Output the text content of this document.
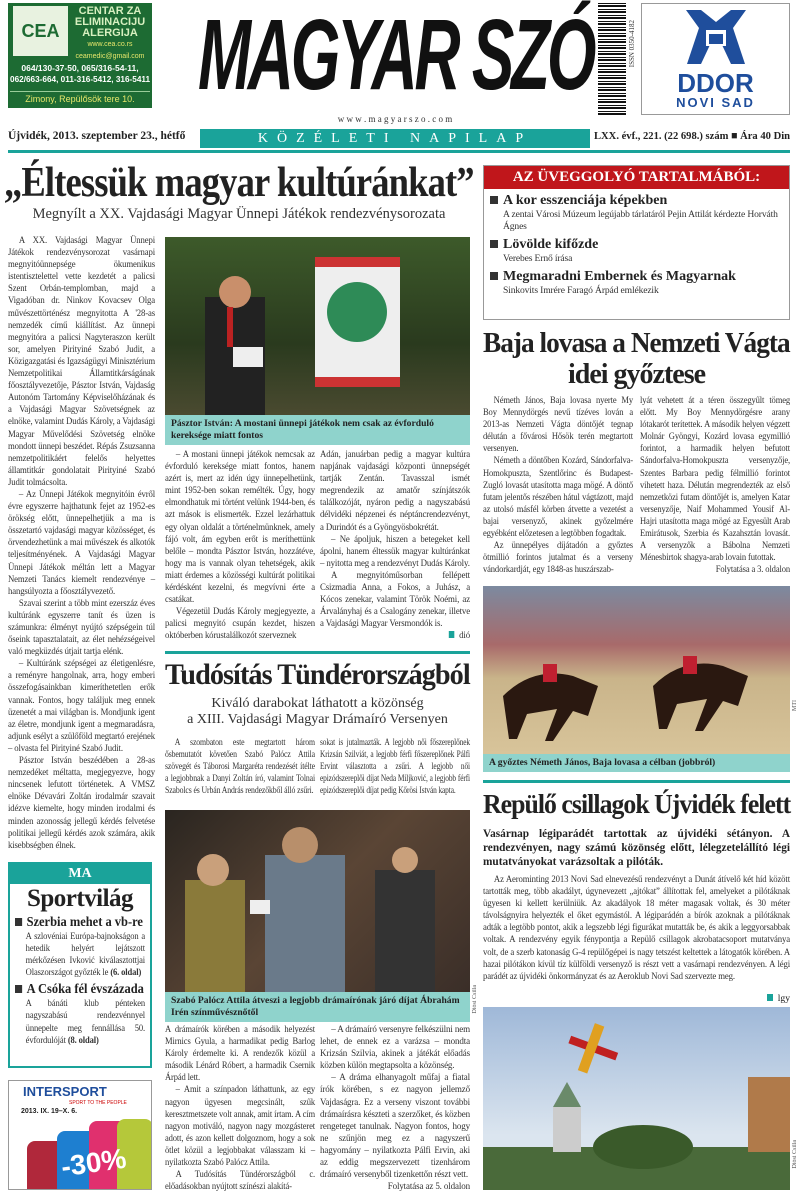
CEA
CENTAR ZA
ELIMINACIJU
ALERGIJA
www.cea.co.rs
ceamedic@gmail.com
064/130-37-50, 065/316-54-11,
062/663-664, 011-316-5412, 316-5411
Zimony, Repülősök tere 10. MAGYAR SZÓ
w w w . m a g y a r s z o . c o m
ISSN 0350-4182
DDOR
NOVI SAD
Újvidék, 2013. szeptember 23., hétfő	KÖZÉLETI NAPILAP	LXX. évf., 221. (22 698.) szám ■ Ára 40 Din
„Éltessük magyar kultúránkat”
Megnyílt a XX. Vajdasági Magyar Ünnepi Játékok rendezvénysorozata

A XX. Vajdasági Magyar Ünnepi Játékok rendezvénysorozat vasárnapi megnyitóünnepsége ökumenikus istentisztelettel vette kezdetét a palicsi Szent Orbán-templomban, majd a Vigadóban dr. Ninkov Kovacsev Olga művészettörténész megnyitotta A '28-as nemzedék című kiállítást. Az ünnepi megnyitóra a palicsi Nagyteraszon került sor, amelyen Pirityiné Szabó Judit, a Közigazgatási és Igazságügyi Minisztérium Nemzetpolitikai Államtitkárságának főosztályvezetője, Pásztor István, Vajdaság Autonóm Tartomány Képviselőházának és a Vajdasági Magyar Szövetségnek az elnöke, valamint Dudás Károly, a Vajdasági Magyar Művelődési Szövetség elnöke mondott ünnepi beszédet. Répás Zsuzsanna nemzetpolitikáért felelős helyettes államtitkár gondolatait Pirityiné Szabó Judit tolmácsolta.

– Az Ünnepi Játékok megnyitóin évről évre egyszerre hajthatunk fejet az 1952-es örökség előtt, ünnepelhetjük a ma is összetartó vajdasági magyar közösséget, és örvendezhetünk a mai művészek és alkotók teljesítményének. A Vajdasági Magyar Ünnepi Játékok méltán lett a Magyar Nemzeti Tanács kiemelt rendezvénye – hangsúlyozta a főosztályvezető.

Szavai szerint a több mint ezerszáz éves kultúránk egyszerre tanít és üzen is számunkra: élményt nyújtó szépségein túl őseink tapasztalatait, az élet nehézségeivel való megküzdés útjait tartja elénk.

– Kultúránk szépségei az életigenlésre, a reményre hangolnak, arra, hogy emberi összefogásainkban kimeríthetetlen erők vannak. Fontos, hogy találjuk meg ennek üzenetét a mai világban is. Mondjunk igent az életre, mondjunk igent a megmaradásra, adjunk esélyt a szülőföld megtartó erejének – olvasta fel Pirityiné Szabó Judit.

Pásztor István beszédében a 28-as nemzedéket méltatta, megjegyezve, hogy nincsenek lefutott történetek. A VMSZ elnöke Dévavári Zoltán irodalmár szavait idézve kiemelte, hogy minden irodalmi és minden azonosság jellegű kérdés felvetése politikai jellegű kérdés azok számára, akik kisebbségben élnek.

Pásztor István: A mostani ünnepi játékok nem csak az évforduló kereksége miatt fontos

– A mostani ünnepi játékok nemcsak az évforduló kereksége miatt fontos, hanem azért is, mert az idén úgy ünnepelhetünk, mint 1952-ben sokan remélték. Úgy, hogy elmondhatuk mi történt velünk 1944-ben, és azt mások is elismerték. Ezzel lezárhattuk egy olyan oldalát a történelmünknek, amely fájó volt, ám egyben erőt is meríthettünk belőle – mondta Pásztor István, hozzátéve, hogy ma is vannak olyan tehetségek, akik miatt érdemes a közösségi kultúrát politikai kérdésként kezelni, és megvívni érte a csatákat.

Végezetül Dudás Károly megjegyezte, a palicsi megnyitó csupán kezdet, hiszen októberben kórustalálkozót szerveznek

Adán, januárban pedig a magyar kultúra napjának vajdasági központi ünnepségét tartják Zentán. Tavasszal ismét megrendezik az amatőr színjátszók találkozóját, nyáron pedig a nagyszabású délvidéki népzenei és néptáncrendezvényt, a Durindót és a Gyöngyösbokrétát.

– Ne ápoljuk, hiszen a betegeket kell ápolni, hanem éltessük magyar kultúránkat – nyitotta meg a rendezvényt Dudás Károly.

A megnyitóműsorban fellépett Csizmadia Anna, a Fokos, a Juhász, a Kócos zenekar, valamint Török Noémi, az Árvalányhaj és a Csalogány zenekar, illetve a Vajdasági Magyar Versmondók is.

dió
Tudósítás Tündérországból
Kiváló darabokat láthatott a közönség
a XIII. Vajdasági Magyar Drámaíró Versenyen

A szombaton este megtartott három ősbemutatót követően Szabó Palócz Attila szövegét és Táborosi Margaréta rendezését ítélte a legjobbnak a Danyi Zoltán író, valamint Tolnai Szabolcs és Urbán András rendezőkből álló zsűri.

sokat is jutalmazták. A legjobb női főszereplőnek Krizsán Szilviát, a legjobb férfi főszereplőnek Pálfi Ervint választotta a zsűri. A legjobb női epizódszereplői díjat Neda Miljković, a legjobb férfi epizódszereplői díjat pedig Kőrösi István kapta.

Diósi Csilla
Szabó Palócz Attila átveszi a legjobb drámaírónak járó díjat Ábrahám Irén színművésznőtől

A drámaírók körében a második helyezést Mirnics Gyula, a harmadikat pedig Barlog Károly érdemelte ki. A rendezők közül a második Lénárd Róbert, a harmadik Csernik Árpád lett.

– Amit a színpadon láthattunk, az egy nagyon ügyesen megcsinált, szűk keresztmetszete volt annak, amit írtam. A cím nagyon motiváló, nagyon nagy mozgásteret adott, és azon kellett dolgoznom, hogy a sok ötlet közül a legjobbakat válasszam ki – nyilatkozta Szabó Palócz Attila.

A Tudósítás Tündérországból c. előadásokban nyújtott színészi alakítá-

– A drámaíró versenyre felkészülni nem lehet, de ennek ez a varázsa – mondta Krizsán Szilvia, akinek a játékát előadás közben külön megtapsolta a közönség.

– A dráma elhanyagolt műfaj a fiatal írók körében, s ez nagyon jellemző Vajdaságra. Ez a verseny viszont további drámaírásra készteti a szerzőket, és közben rengeteget tanulnak. Nagyon fontos, hogy ne szűnjön meg ez a nagyszerű hagyomány – nyilatkozta Pálfi Ervin, aki az eddig megszervezett tizenhárom drámaíró versenyből tizenkettőn részt vett.

Folytatása az 5. oldalon
MA
Sportvilág
Szerbia mehet a vb-re
A szlovéniai Európa-bajnokságon a hetedik helyért lejátszott mérkőzésen Ivković kiválasztottjai Olaszországot győzték le (6. oldal)
A Csóka fél évszázada
A bánáti klub pénteken nagyszabású rendezvénnyel ünnepelte meg fennállása 50. évfordulóját (8. oldal)
INTERSPORT
SPORT TO THE PEOPLE
2013. IX. 19–X. 6.
-30%
AZ ÜVEGGOLYÓ TARTALMÁBÓL:
A kor esszenciája képekben
A zentai Városi Múzeum legújabb tárlatáról Pejin Attilát kérdezte Horváth Ágnes
Lövölde kifőzde
Verebes Ernő írása
Megmaradni Embernek és Magyarnak
Sinkovits Imrére Faragó Árpád emlékezik
Baja lovasa a Nemzeti Vágta
idei győztese

Németh János, Baja lovasa nyerte My Boy Mennydörgés nevű tízéves lován a 2013-as Nemzeti Vágta döntőjét tegnap délután a fővárosi Hősök terén megtartott versenyen.

Németh a döntőben Kozárd, Sándorfalva-Homokpuszta, Szentlőrinc és Budapest-Zugló lovasát utasította maga mögé. A döntő futam jelentős részében hátul vágtázott, majd az utolsó másfél körben átvette a vezetést a bajai versenyző, akinek győzelmére egyébként előzetesen a legtöbben fogadtak.

Az ünnepélyes díjátadón a győztes ötmillió forintos jutalmat és a verseny vándorkardját, egy 1848-as huszárszab-

lyát vehetett át a téren összegyűlt tömeg előtt. My Boy Mennydörgésre arany lótakarót terítettek. A második helyen végzett Molnár Gyöngyi, Kozárd lovasa egymillió forintot, a harmadik helyen befutott Sándorfalva-Homokpuszta versenyzője, Szentes Barbara pedig félmillió forintot vihetett haza. Délután megrendezték az első nemzetközi futam döntőjét is, amelyen Katar versenyzője, Naif Mohammed Yousif Al-Hajri utasította maga mögé az Egyesült Arab Emirátusok, Szerbia és Kazahsztán lovasát. A versenyzők a Bábolna Nemzeti Ménesbirtok shagya-arab lovain futottak.

Folytatása a 3. oldalon
MTI
A győztes Németh János, Baja lovasa a célban (jobbról)
Repülő csillagok Újvidék felett
Vasárnap légiparádét tartottak az újvidéki sétányon. A rendezvényen, nagy számú közönség előtt, lélegzetelállító légi mutatványokat varázsoltak a pilóták.

Az Aerominting 2013 Novi Sad elnevezésű rendezvényt a Dunát átívelő két híd között tartották meg, több akadályt, úgynevezett „ajtókat” állítottak fel, amelyeket a pilótáknak ügyesen ki kellett kerülniük. Az akadályok 18 méter magasak voltak, és 30 méter távolságnyira helyezték el őket egymástól. A légiparádén a bírók azoknak a pilótáknak adták a legtöbb pontot, akik a legszebb légi figurákat mutatták be, és akik a leggyorsabbak voltak. A rendezvény egyik fénypontja a Repülő csillagok akrobatacsoport mutatványa volt, de a szerb katonaság G-4 repülőgépei is nagy tetszést keltettek a látogatók körében. A hazai pilótákon kívül tíz külföldi versenyző is részt vett a vasárnapi rendezvényen. A légi parádét az újvidéki önkormányzat és az Aeroklub Novi Sad szervezte meg.

lgy
Diósi Csilla
